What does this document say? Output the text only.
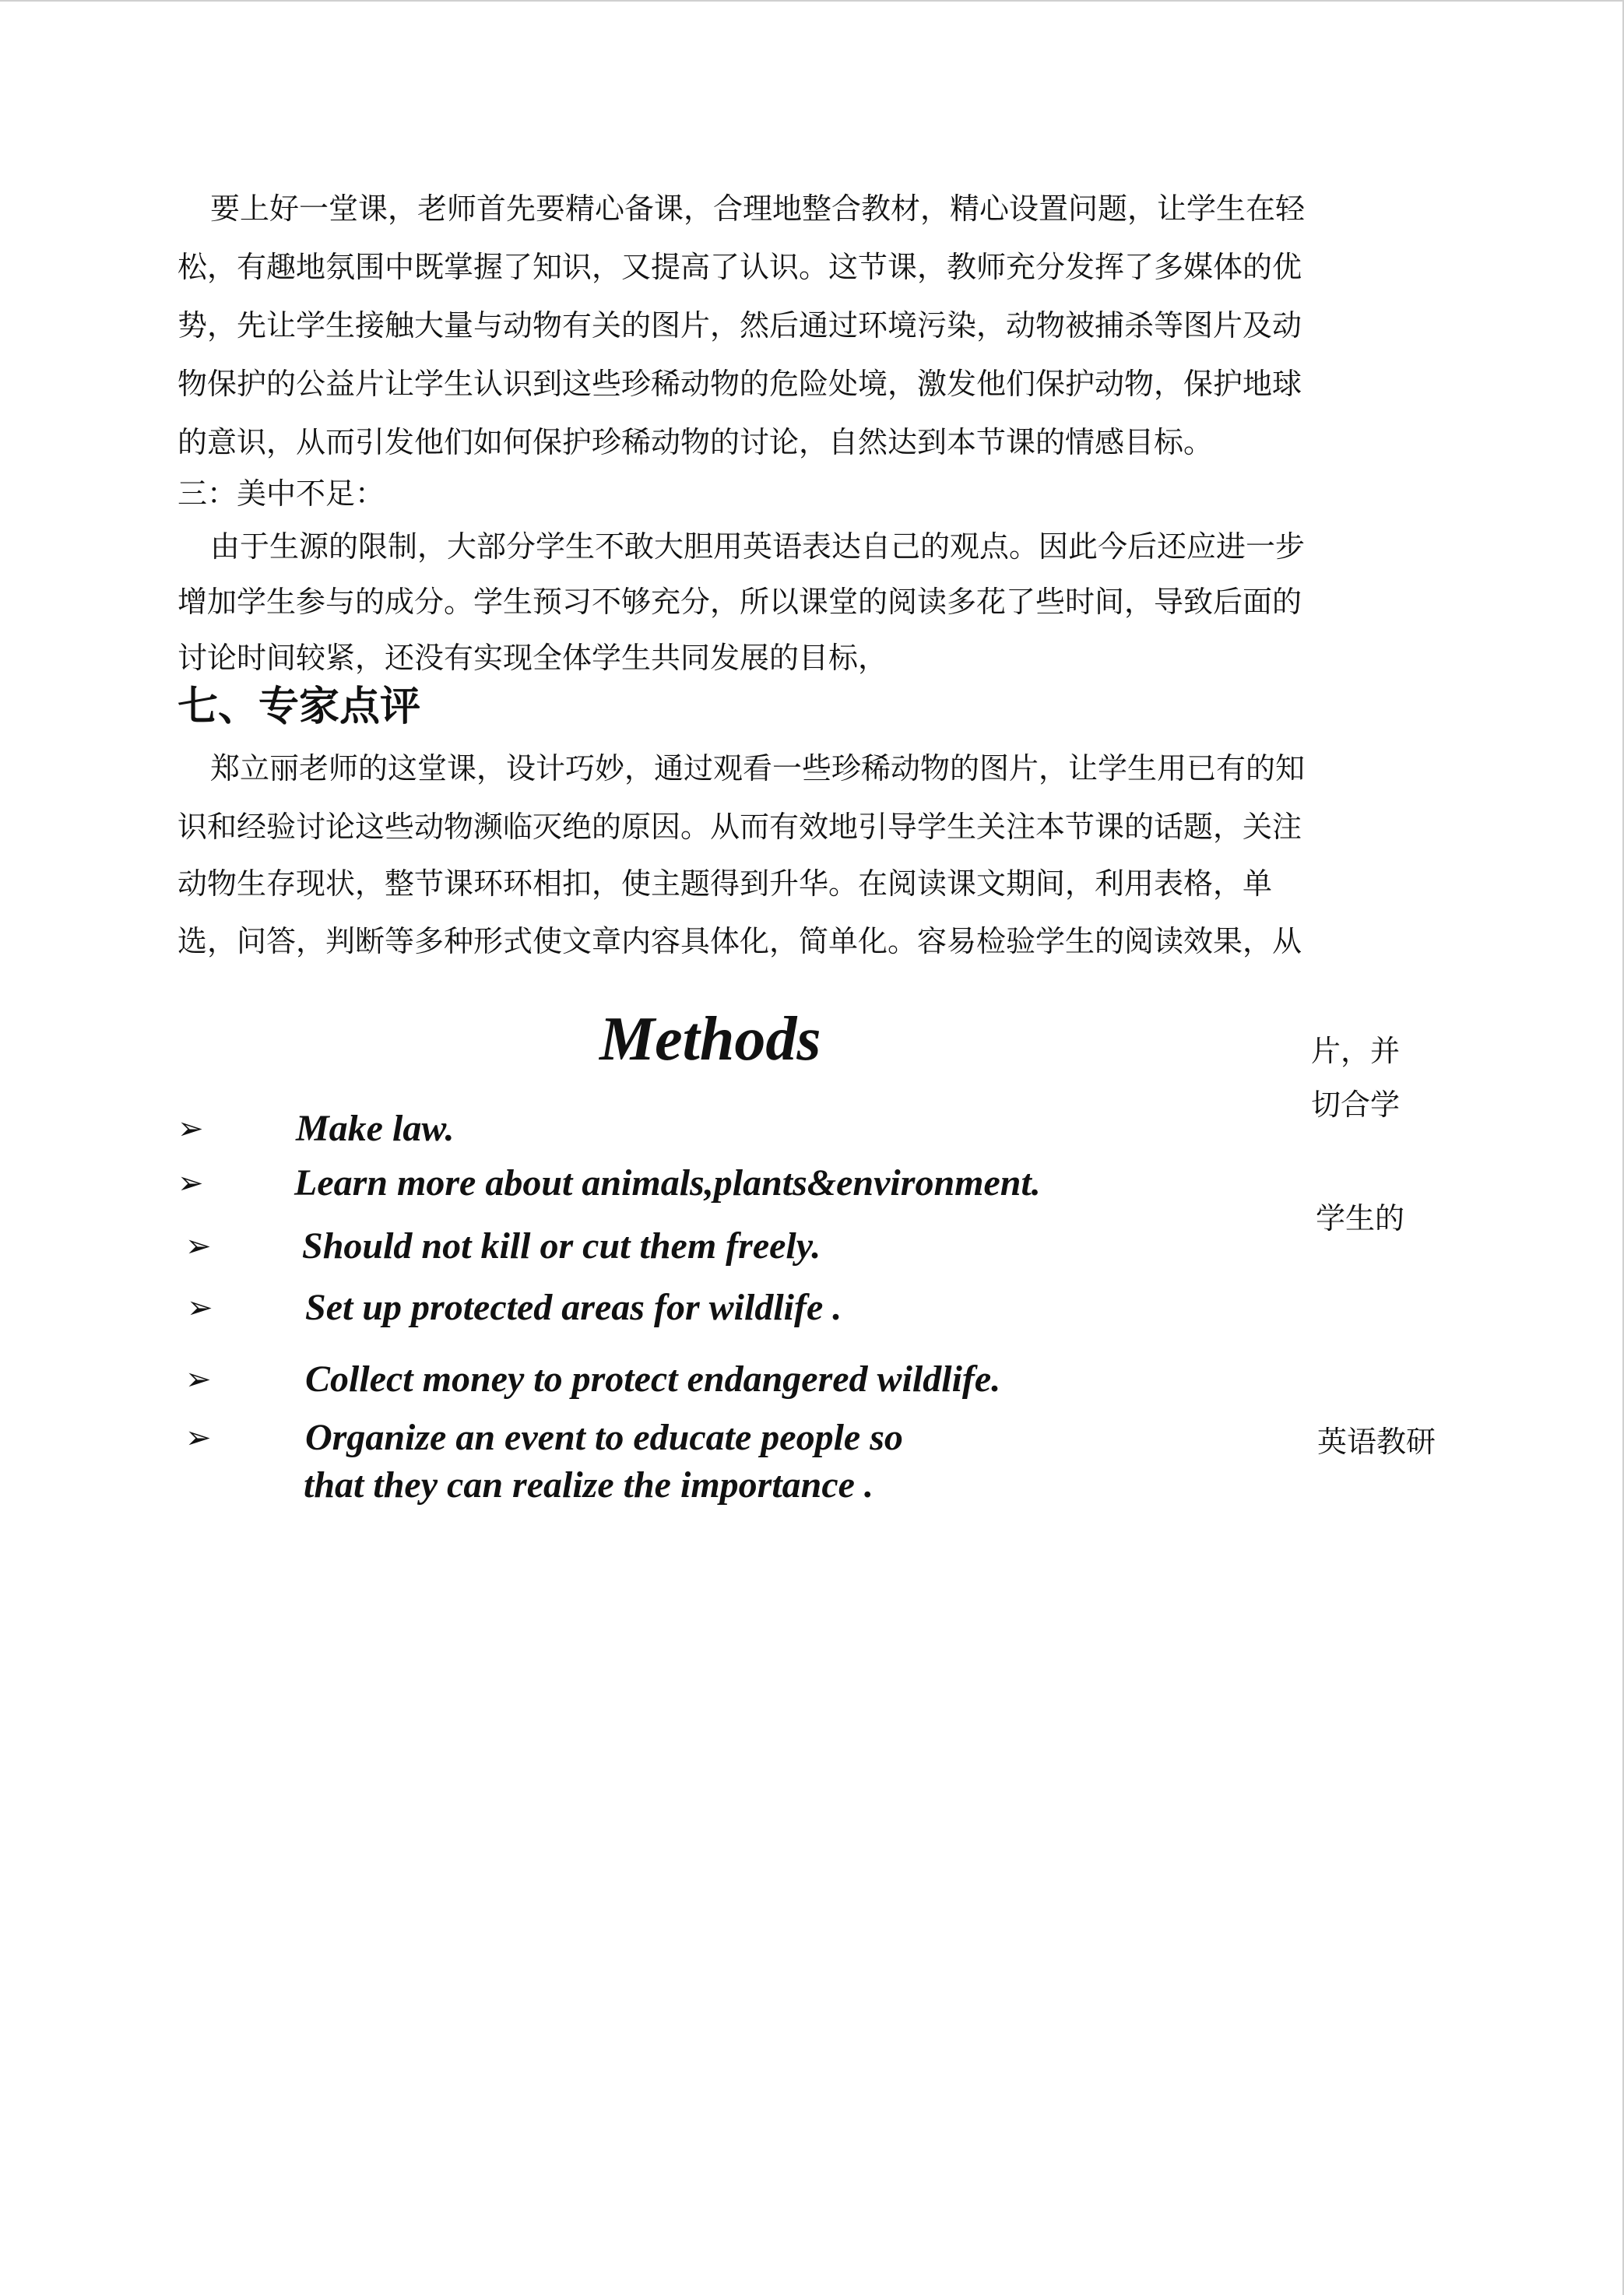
要上好一堂课，老师首先要精心备课，合理地整合教材，精心设置问题，让学生在轻
松，有趣地氛围中既掌握了知识，又提高了认识。这节课，教师充分发挥了多媒体的优
势，先让学生接触大量与动物有关的图片，然后通过环境污染，动物被捕杀等图片及动
物保护的公益片让学生认识到这些珍稀动物的危险处境，激发他们保护动物，保护地球
的意识，从而引发他们如何保护珍稀动物的讨论，自然达到本节课的情感目标。
三：美中不足：
由于生源的限制，大部分学生不敢大胆用英语表达自己的观点。因此今后还应进一步
增加学生参与的成分。学生预习不够充分，所以课堂的阅读多花了些时间，导致后面的
讨论时间较紧，还没有实现全体学生共同发展的目标，
七、专家点评
郑立丽老师的这堂课，设计巧妙，通过观看一些珍稀动物的图片，让学生用已有的知
识和经验讨论这些动物濒临灭绝的原因。从而有效地引导学生关注本节课的话题，关注
动物生存现状，整节课环环相扣，使主题得到升华。在阅读课文期间，利用表格，单
选，问答，判断等多种形式使文章内容具体化，简单化。容易检验学生的阅读效果，从
片，并
切合学
学生的
英语教研
Methods
➢ Make law.
➢ Learn more about animals,plants&environment.
➢ Should not kill or cut them freely.
➢ Set up protected areas for wildlife .
➢	Collect money to protect endangered wildlife.
➢	Organize an event to educate people so
that they can realize the importance .
